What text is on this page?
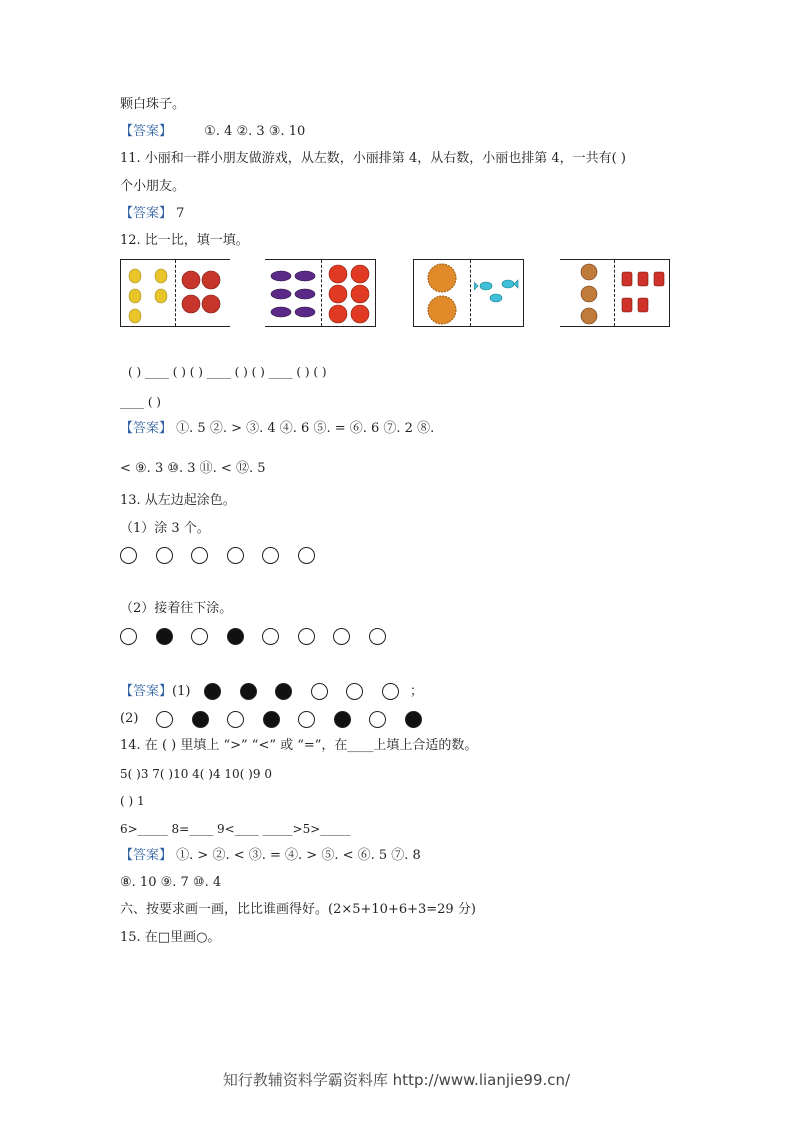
颗白珠子。
【答案】 ①. 4 ②. 3 ③. 10
11. 小丽和一群小朋友做游戏，从左数，小丽排第 4，从右数，小丽也排第 4，一共有( )
个小朋友。
【答案】 7
12. 比一比，填一填。
( ) ____ ( ) ( ) ____ ( ) ( ) ____ ( ) ( )
____ ( )
【答案】 ①. 5 ②. > ③. 4 ④. 6 ⑤. = ⑥. 6 ⑦. 2 ⑧.
< ⑨. 3 ⑩. 3 ⑪. < ⑫. 5
13. 从左边起涂色。
（1）涂 3 个。
（2）接着往下涂。
【答案】(1)	；
(2)
14. 在 ( ) 里填上 “>” “<” 或 “=”，在____上填上合适的数。
5( )3 7( )10 4( )4 10( )9 0
( ) 1
6>_____ 8=____ 9<____ _____>5>_____
【答案】 ①. > ②. < ③. = ④. > ⑤. < ⑥. 5 ⑦. 8
⑧. 10 ⑨. 7 ⑩. 4
六、按要求画一画，比比谁画得好。(2×5+10+6+3=29 分)
15. 在□里画○。
知行教辅资料学霸资料库 http://www.lianjie99.cn/
